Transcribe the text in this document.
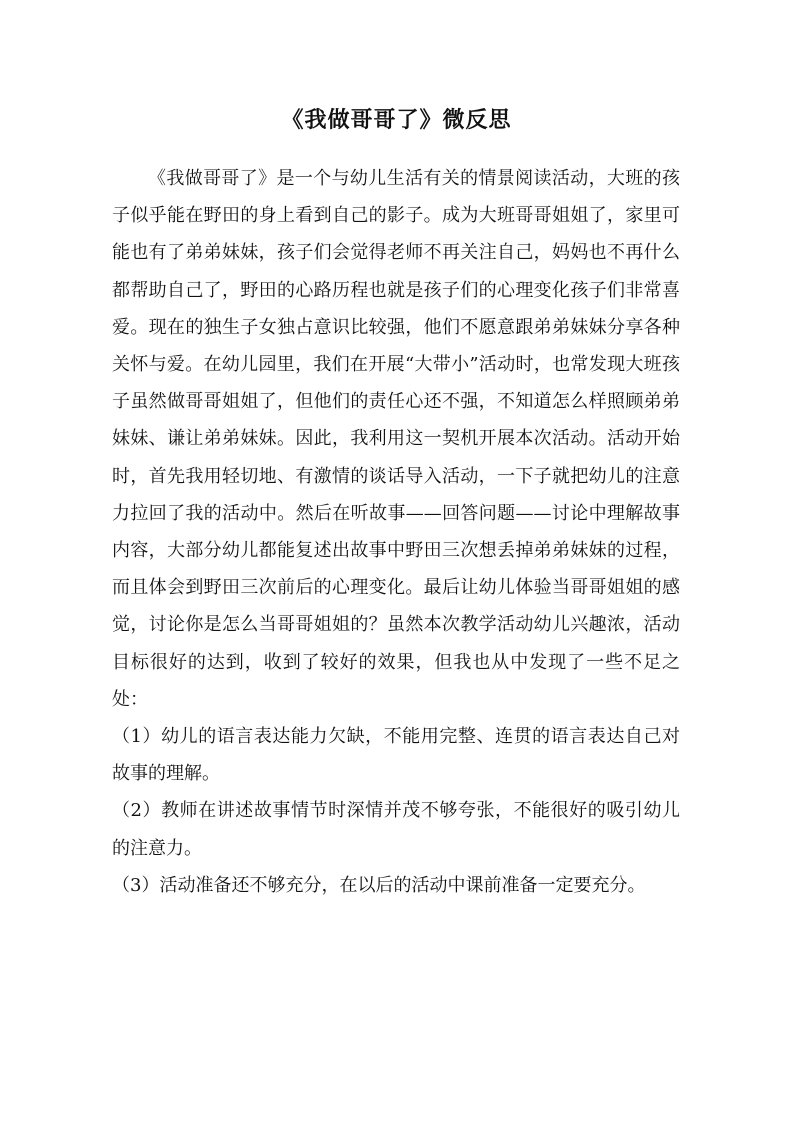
《我做哥哥了》微反思

《我做哥哥了》是一个与幼儿生活有关的情景阅读活动，大班的孩子似乎能在野田的身上看到自己的影子。成为大班哥哥姐姐了，家里可能也有了弟弟妹妹，孩子们会觉得老师不再关注自己，妈妈也不再什么都帮助自己了，野田的心路历程也就是孩子们的心理变化孩子们非常喜爱。现在的独生子女独占意识比较强，他们不愿意跟弟弟妹妹分享各种关怀与爱。在幼儿园里，我们在开展“大带小”活动时，也常发现大班孩子虽然做哥哥姐姐了，但他们的责任心还不强，不知道怎么样照顾弟弟妹妹、谦让弟弟妹妹。因此，我利用这一契机开展本次活动。活动开始时，首先我用轻切地、有激情的谈话导入活动，一下子就把幼儿的注意力拉回了我的活动中。然后在听故事——回答问题——讨论中理解故事内容，大部分幼儿都能复述出故事中野田三次想丢掉弟弟妹妹的过程，而且体会到野田三次前后的心理变化。最后让幼儿体验当哥哥姐姐的感觉，讨论你是怎么当哥哥姐姐的？虽然本次教学活动幼儿兴趣浓，活动目标很好的达到，收到了较好的效果，但我也从中发现了一些不足之处：

（1）幼儿的语言表达能力欠缺，不能用完整、连贯的语言表达自己对故事的理解。

（2）教师在讲述故事情节时深情并茂不够夸张，不能很好的吸引幼儿的注意力。

（3）活动准备还不够充分，在以后的活动中课前准备一定要充分。
